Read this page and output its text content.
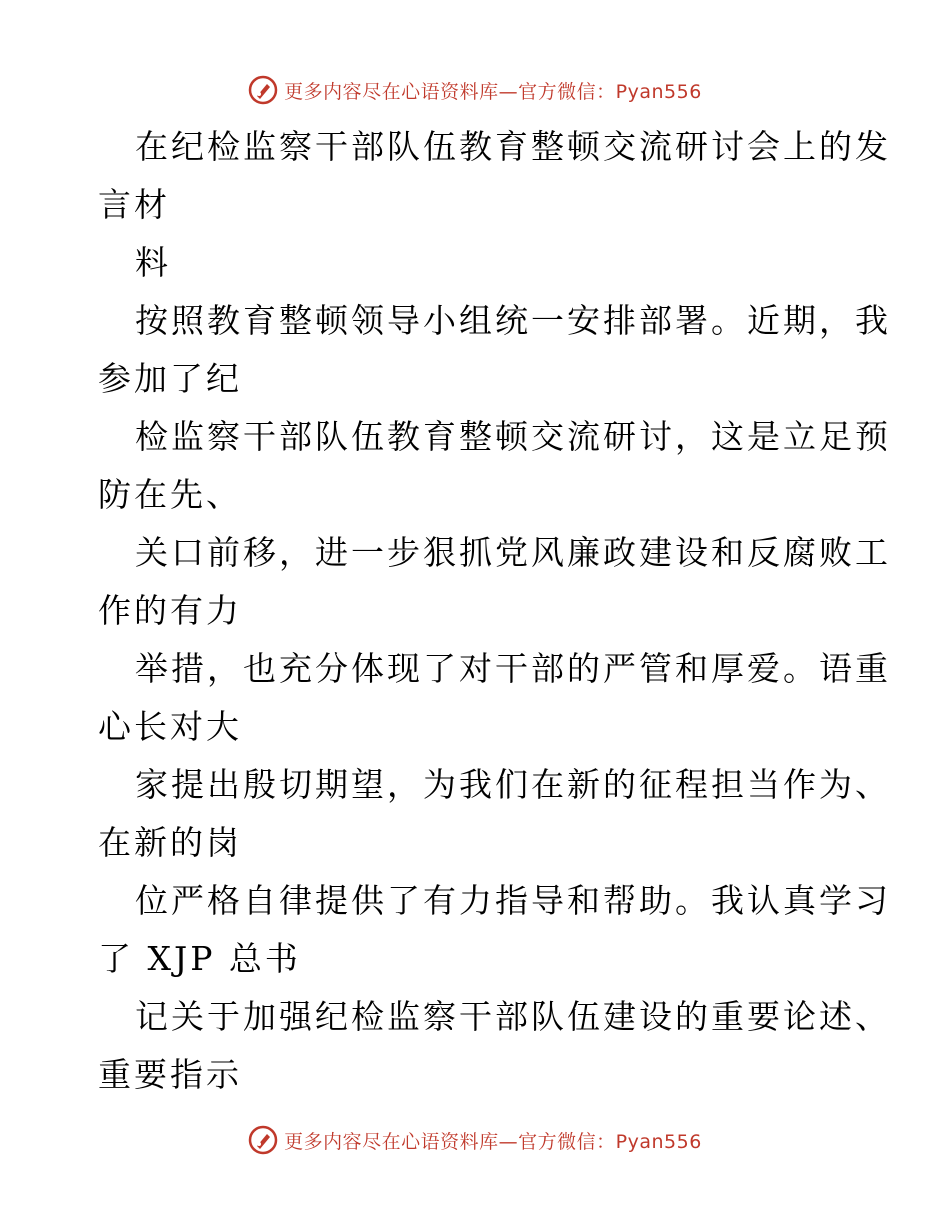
更多内容尽在心语资料库—官方微信：Pyan556
在纪检监察干部队伍教育整顿交流研讨会上的发
言材
料
按照教育整顿领导小组统一安排部署。近期，我
参加了纪
检监察干部队伍教育整顿交流研讨，这是立足预
防在先、
关口前移，进一步狠抓党风廉政建设和反腐败工
作的有力
举措，也充分体现了对干部的严管和厚爱。语重
心长对大
家提出殷切期望，为我们在新的征程担当作为、
在新的岗
位严格自律提供了有力指导和帮助。我认真学习
了 XJP 总书
记关于加强纪检监察干部队伍建设的重要论述、
重要指示
更多内容尽在心语资料库—官方微信：Pyan556
